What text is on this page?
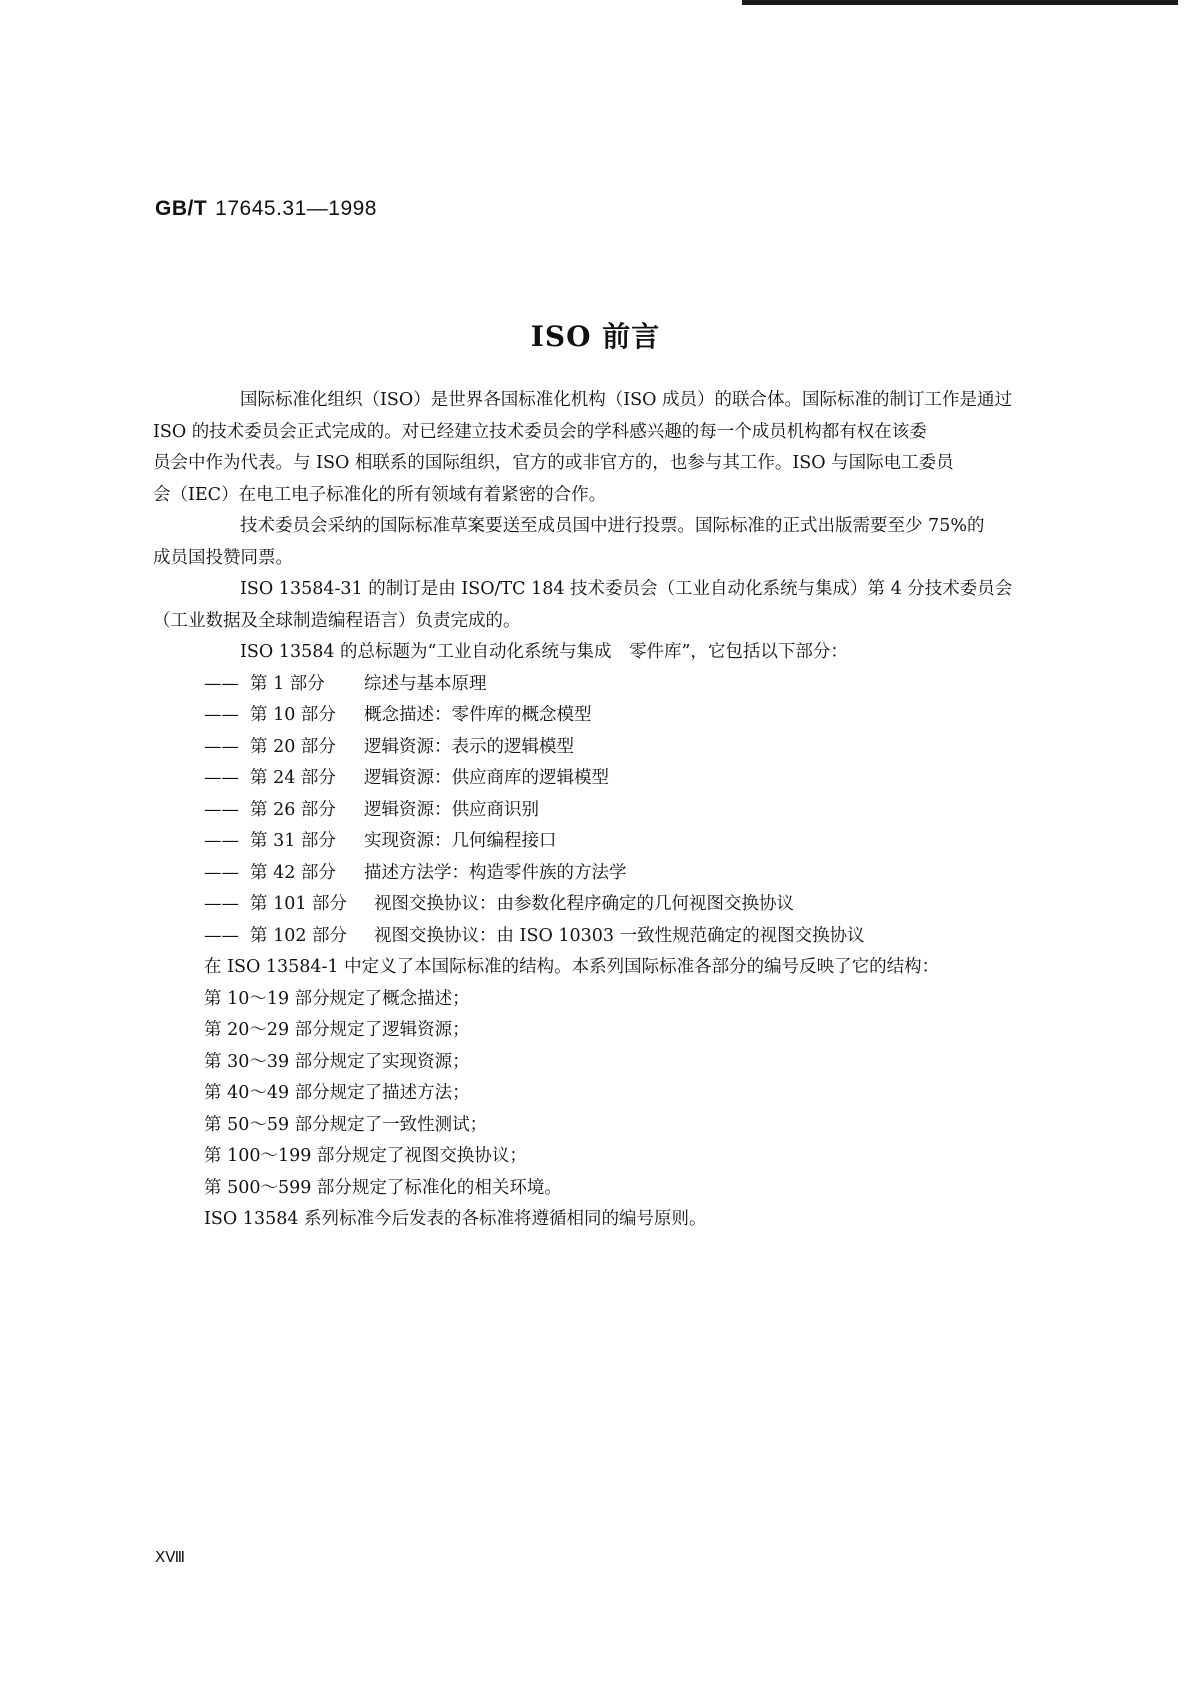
GB/T 17645.31—1998
ISO 前言
国际标准化组织（ISO）是世界各国标准化机构（ISO 成员）的联合体。国际标准的制订工作是通过
ISO 的技术委员会正式完成的。对已经建立技术委员会的学科感兴趣的每一个成员机构都有权在该委
员会中作为代表。与 ISO 相联系的国际组织，官方的或非官方的，也参与其工作。ISO 与国际电工委员
会（IEC）在电工电子标准化的所有领域有着紧密的合作。
技术委员会采纳的国际标准草案要送至成员国中进行投票。国际标准的正式出版需要至少 75%的
成员国投赞同票。
ISO 13584-31 的制订是由 ISO/TC 184 技术委员会（工业自动化系统与集成）第 4 分技术委员会
（工业数据及全球制造编程语言）负责完成的。
ISO 13584 的总标题为“工业自动化系统与集成　零件库”，它包括以下部分：
—— 第 1 部分 综述与基本原理
—— 第 10 部分 概念描述：零件库的概念模型
—— 第 20 部分 逻辑资源：表示的逻辑模型
—— 第 24 部分 逻辑资源：供应商库的逻辑模型
—— 第 26 部分 逻辑资源：供应商识别
—— 第 31 部分 实现资源：几何编程接口
—— 第 42 部分 描述方法学：构造零件族的方法学
—— 第 101 部分 视图交换协议：由参数化程序确定的几何视图交换协议
—— 第 102 部分 视图交换协议：由 ISO 10303 一致性规范确定的视图交换协议
在 ISO 13584-1 中定义了本国际标准的结构。本系列国际标准各部分的编号反映了它的结构：
第 10～19 部分规定了概念描述；
第 20～29 部分规定了逻辑资源；
第 30～39 部分规定了实现资源；
第 40～49 部分规定了描述方法；
第 50～59 部分规定了一致性测试；
第 100～199 部分规定了视图交换协议；
第 500～599 部分规定了标准化的相关环境。
ISO 13584 系列标准今后发表的各标准将遵循相同的编号原则。
ⅩⅧ
